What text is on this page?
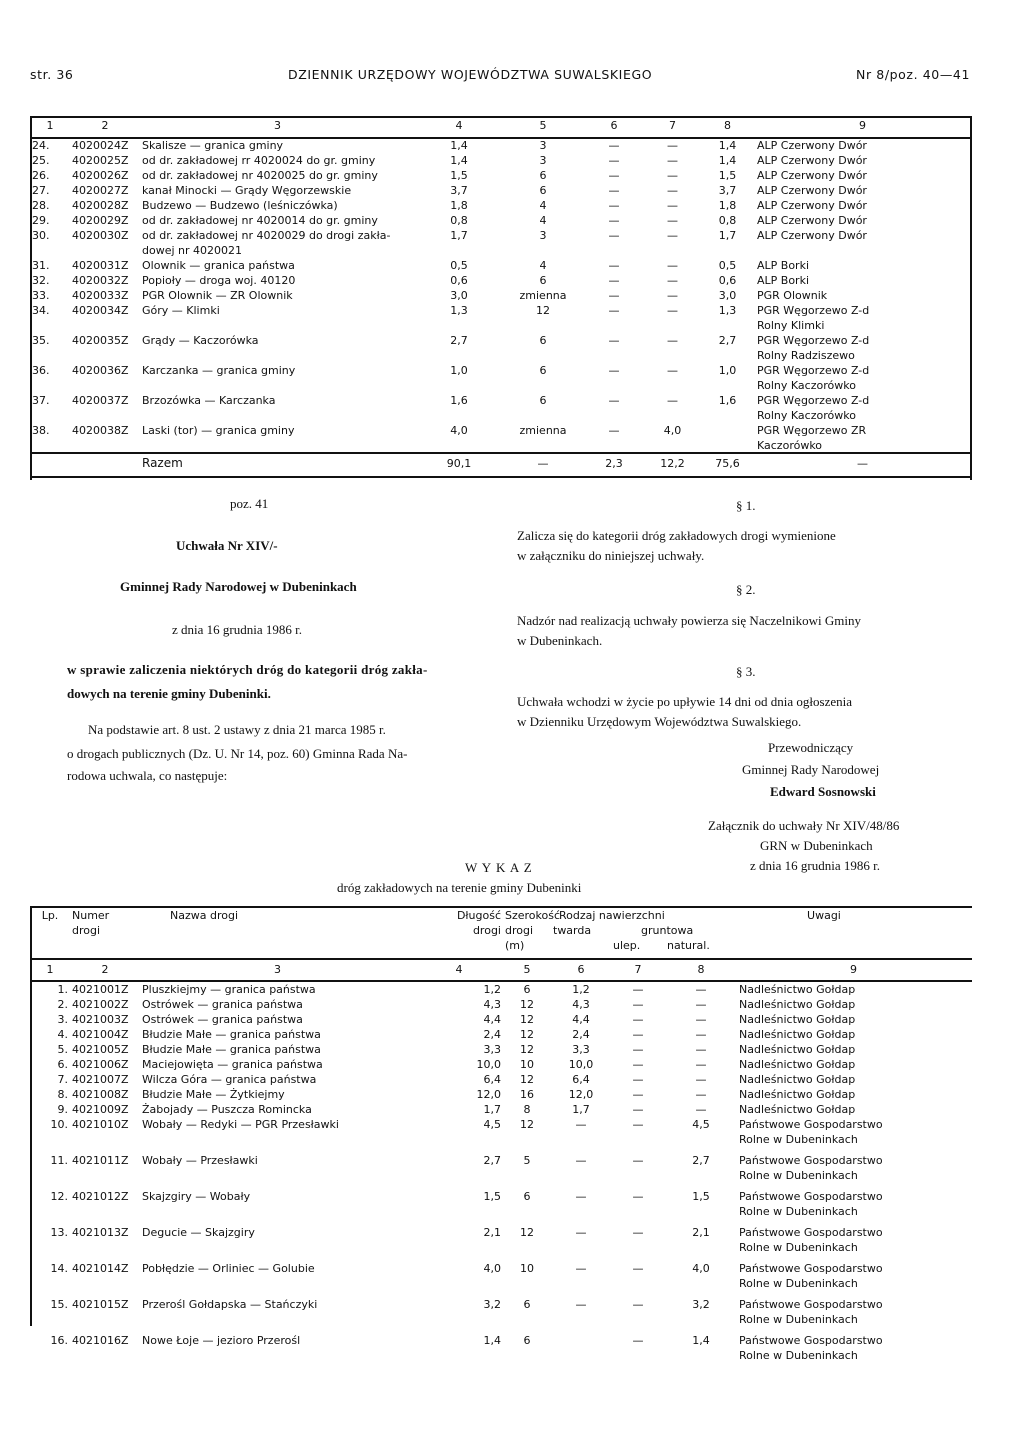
str. 36	DZIENNIK URZĘDOWY WOJEWÓDZTWA SUWALSKIEGO	Nr 8/poz. 40—41
1	2	3	4	5	6	7	8	9
24.	4020024Z	Skalisze — granica gminy	1,4	3	—	—	1,4	ALP Czerwony Dwór
25.	4020025Z	od dr. zakładowej rr 4020024 do gr. gminy	1,4	3	—	—	1,4	ALP Czerwony Dwór
26.	4020026Z	od dr. zakładowej nr 4020025 do gr. gminy	1,5	6	—	—	1,5	ALP Czerwony Dwór
27.	4020027Z	kanał Minocki — Grądy Węgorzewskie	3,7	6	—	—	3,7	ALP Czerwony Dwór
28.	4020028Z	Budzewo — Budzewo (leśniczówka)	1,8	4	—	—	1,8	ALP Czerwony Dwór
29.	4020029Z	od dr. zakładowej nr 4020014 do gr. gminy	0,8	4	—	—	0,8	ALP Czerwony Dwór
30.	4020030Z	od dr. zakładowej nr 4020029 do drogi zakła-	1,7	3	—	—	1,7	ALP Czerwony Dwór
		dowej nr 4020021						
31.	4020031Z	Olownik — granica państwa	0,5	4	—	—	0,5	ALP Borki
32.	4020032Z	Popioły — droga woj. 40120	0,6	6	—	—	0,6	ALP Borki
33.	4020033Z	PGR Olownik — ZR Olownik	3,0	zmienna	—	—	3,0	PGR Olownik
34.	4020034Z	Góry — Klimki	1,3	12	—	—	1,3	PGR Węgorzewo Z-d
								Rolny Klimki
35.	4020035Z	Grądy — Kaczorówka	2,7	6	—	—	2,7	PGR Węgorzewo Z-d
								Rolny Radziszewo
36.	4020036Z	Karczanka — granica gminy	1,0	6	—	—	1,0	PGR Węgorzewo Z-d
								Rolny Kaczorówko
37.	4020037Z	Brzozówka — Karczanka	1,6	6	—	—	1,6	PGR Węgorzewo Z-d
								Rolny Kaczorówko
38.	4020038Z	Laski (tor) — granica gminy	4,0	zmienna	—	4,0		PGR Węgorzewo ZR
								Kaczorówko
		Razem	90,1	—	2,3	12,2	75,6	—
poz. 41
Uchwała Nr XIV/-
Gminnej Rady Narodowej w Dubeninkach
z dnia 16 grudnia 1986 r.
w sprawie zaliczenia niektórych dróg do kategorii dróg zakła-
dowych na terenie gminy Dubeninki.
Na podstawie art. 8 ust. 2 ustawy z dnia 21 marca 1985 r.
o drogach publicznych (Dz. U. Nr 14, poz. 60) Gminna Rada Na-
rodowa uchwala, co następuje:
§ 1.
Zalicza się do kategorii dróg zakładowych drogi wymienione
w załączniku do niniejszej uchwały.
§ 2.
Nadzór nad realizacją uchwały powierza się Naczelnikowi Gminy
w Dubeninkach.
§ 3.
Uchwała wchodzi w życie po upływie 14 dni od dnia ogłoszenia
w Dzienniku Urzędowym Województwa Suwalskiego.
Przewodniczący
Gminnej Rady Narodowej
Edward Sosnowski
Załącznik do uchwały Nr XIV/48/86
GRN w Dubeninkach
z dnia 16 grudnia 1986 r.
W Y K A Z
dróg zakładowych na terenie gminy Dubeninki
Lp.	Numer	Nazwa drogi	Długość	Szerokość	Rodzaj nawierzchni			Uwagi
	drogi		drogi	drogi	twarda	gruntowa		
				(m)		ulep.	natural.	
1	2	3	4	5	6	7	8	9
1.	4021001Z	Pluszkiejmy — granica państwa	1,2	6	1,2	—	—	Nadleśnictwo Gołdap
2.	4021002Z	Ostrówek — granica państwa	4,3	12	4,3	—	—	Nadleśnictwo Gołdap
3.	4021003Z	Ostrówek — granica państwa	4,4	12	4,4	—	—	Nadleśnictwo Gołdap
4.	4021004Z	Błudzie Małe — granica państwa	2,4	12	2,4	—	—	Nadleśnictwo Gołdap
5.	4021005Z	Błudzie Małe — granica państwa	3,3	12	3,3	—	—	Nadleśnictwo Gołdap
6.	4021006Z	Maciejowięta — granica państwa	10,0	10	10,0	—	—	Nadleśnictwo Gołdap
7.	4021007Z	Wilcza Góra — granica państwa	6,4	12	6,4	—	—	Nadleśnictwo Gołdap
8.	4021008Z	Błudzie Małe — Żytkiejmy	12,0	16	12,0	—	—	Nadleśnictwo Gołdap
9.	4021009Z	Żabojady — Puszcza Romincka	1,7	8	1,7	—	—	Nadleśnictwo Gołdap
10.	4021010Z	Wobały — Redyki — PGR Przesławki	4,5	12	—	—	4,5	Państwowe Gospodarstwo
								Rolne w Dubeninkach
11.	4021011Z	Wobały — Przesławki	2,7	5	—	—	2,7	Państwowe Gospodarstwo
								Rolne w Dubeninkach
12.	4021012Z	Skajzgiry — Wobały	1,5	6	—	—	1,5	Państwowe Gospodarstwo
								Rolne w Dubeninkach
13.	4021013Z	Degucie — Skajzgiry	2,1	12	—	—	2,1	Państwowe Gospodarstwo
								Rolne w Dubeninkach
14.	4021014Z	Pobłędzie — Orliniec — Golubie	4,0	10	—	—	4,0	Państwowe Gospodarstwo
								Rolne w Dubeninkach
15.	4021015Z	Przerośl Gołdapska — Stańczyki	3,2	6	—	—	3,2	Państwowe Gospodarstwo
								Rolne w Dubeninkach
16.	4021016Z	Nowe Łoje — jezioro Przerośl	1,4	6		—	1,4	Państwowe Gospodarstwo
								Rolne w Dubeninkach
